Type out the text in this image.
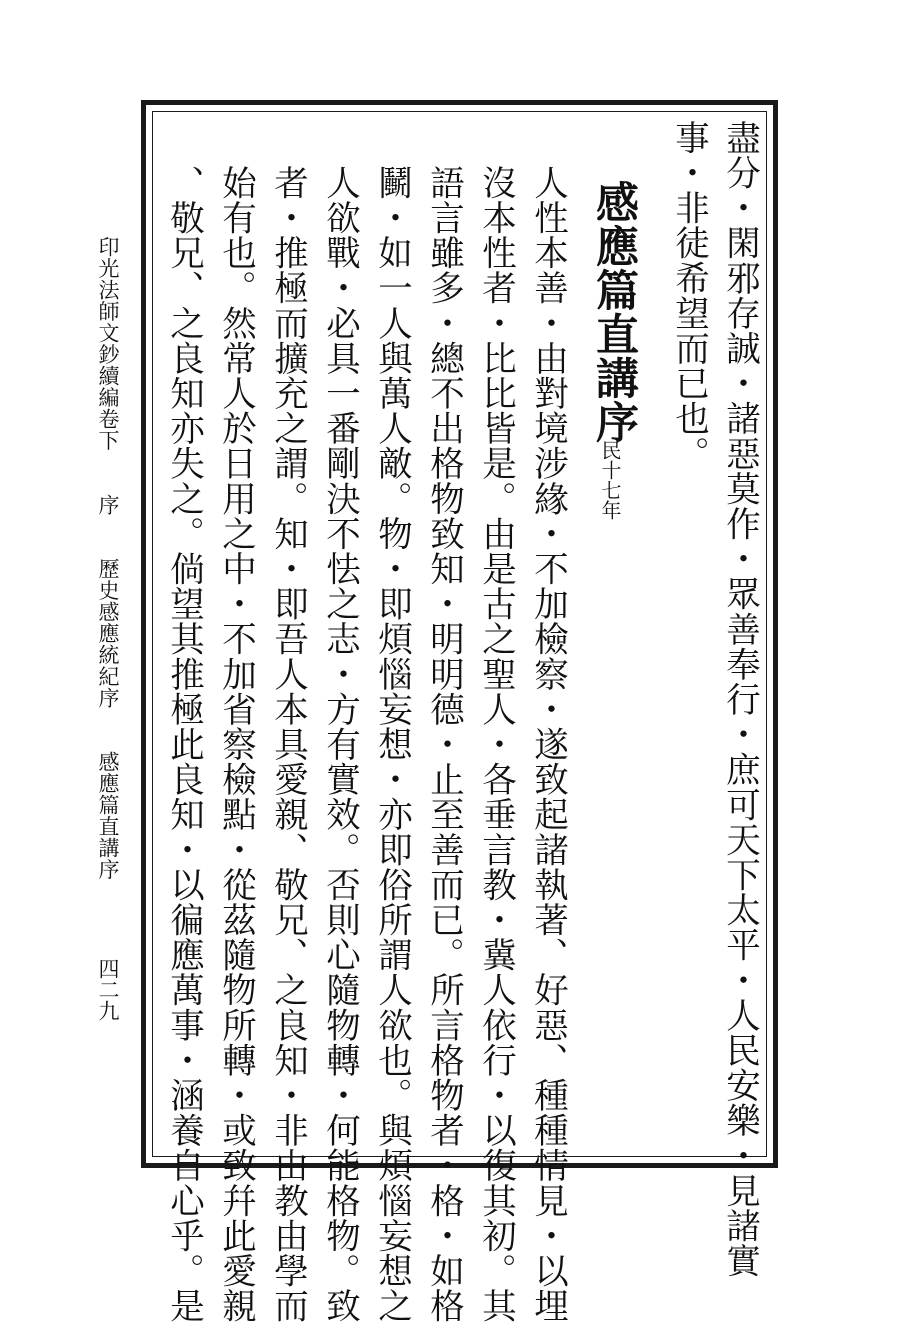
盡分・閑邪存誠・諸惡莫作・眾善奉行・庶可天下太平・人民安樂・見諸實
事・非徒希望而已也。
感應篇直講序
民十七年
人性本善・由對境涉緣・不加檢察・遂致起諸執著、好惡、種種情見・以埋
沒本性者・比比皆是。由是古之聖人・各垂言教・冀人依行・以復其初。其
語言雖多・總不出格物致知・明明德・止至善而已。所言格物者・格・如格
鬭・如一人與萬人敵。物・即煩惱妄想・亦即俗所謂人欲也。與煩惱妄想之
人欲戰・必具一番剛決不怯之志・方有實效。否則心隨物轉・何能格物。致
者・推極而擴充之謂。知・即吾人本具愛親、敬兄、之良知・非由教由學而
始有也。然常人於日用之中・不加省察檢點・從茲隨物所轉・或致幷此愛親
、敬兄、之良知亦失之。倘望其推極此良知・以徧應萬事・涵養自心乎。是
印光法師文鈔續編卷下 序 歷史感應統紀序 感應篇直講序
四二九
